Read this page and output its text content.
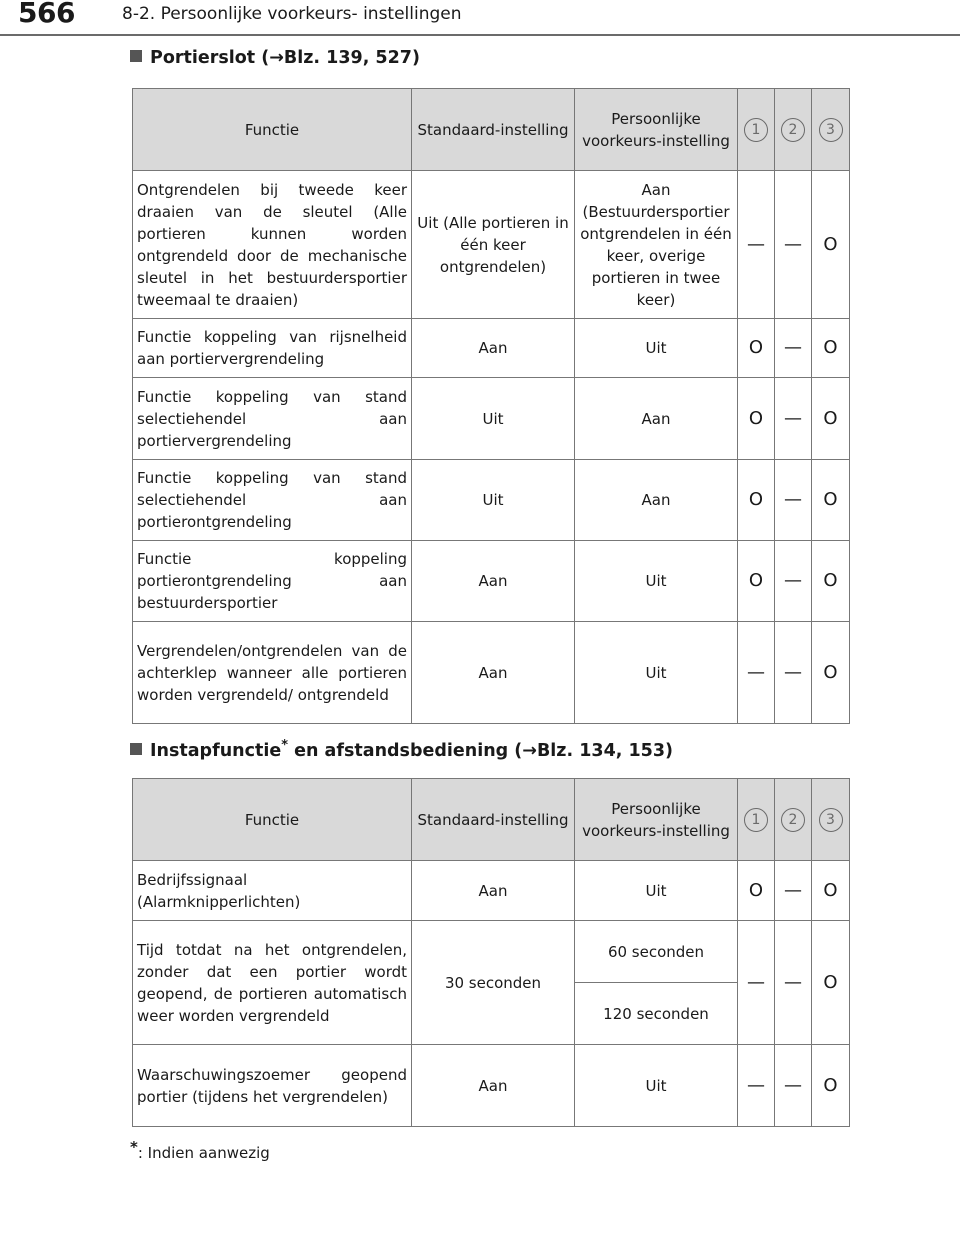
566	8-2. Persoonlijke voorkeurs- instellingen
Portierslot (→Blz. 139, 527)
Functie	Standaard-instelling	Persoonlijke voorkeurs-instelling	1	2	3
Ontgrendelen bij tweede keer draaien van de sleutel (Alle portieren kunnen worden ontgrendeld door de mechanische sleutel in het bestuurdersportier tweemaal te draaien)	Uit (Alle portieren in één keer ontgrendelen)	Aan (Bestuurdersportier ontgrendelen in één keer, overige portieren in twee keer)	—	—	O
Functie koppeling van rijsnelheid aan portiervergrendeling	Aan	Uit	O	—	O
Functie koppeling van stand selectiehendel aan portiervergrendeling	Uit	Aan	O	—	O
Functie koppeling van stand selectiehendel aan portierontgrendeling	Uit	Aan	O	—	O
Functie koppeling portierontgrendeling aan bestuurdersportier	Aan	Uit	O	—	O
Vergrendelen/ontgrendelen van de achterklep wanneer alle portieren worden vergrendeld/ ontgrendeld	Aan	Uit	—	—	O
Instapfunctie* en afstandsbediening (→Blz. 134, 153)
Functie	Standaard-instelling	Persoonlijke voorkeurs-instelling	1	2	3
Bedrijfssignaal (Alarmknipperlichten)	Aan	Uit	O	—	O
Tijd totdat na het ontgrendelen, zonder dat een portier wordt geopend, de portieren automatisch weer worden vergrendeld	30 seconden	60 seconden	—	—	O
		120 seconden			
Waarschuwingszoemer geopend portier (tijdens het vergrendelen)	Aan	Uit	—	—	O
*: Indien aanwezig
